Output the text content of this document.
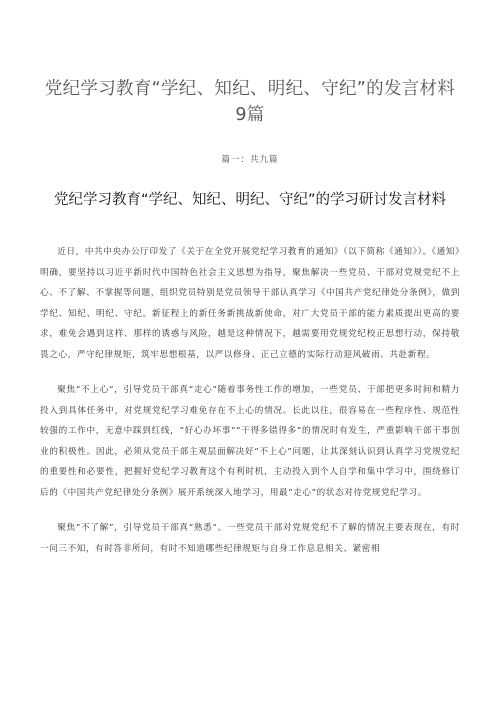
党纪学习教育“学纪、知纪、明纪、守纪”的发言材料9篇
篇一：共九篇
党纪学习教育“学纪、知纪、明纪、守纪”的学习研讨发言材料

近日，中共中央办公厅印发了《关于在全党开展党纪学习教育的通知》（以下简称《通知》）。《通知》明确，要坚持以习近平新时代中国特色社会主义思想为指导，聚焦解决一些党员、干部对党规党纪不上心、不了解、不掌握等问题，组织党员特别是党员领导干部认真学习《中国共产党纪律处分条例》，做到学纪、知纪、明纪、守纪。新征程上的新任务新挑战新使命，对广大党员干部的能力素质提出更高的要求，难免会遇到这样、那样的诱惑与风险，越是这种情况下，越需要用党规党纪校正思想行动，保持敬畏之心，严守纪律规矩，筑牢思想根基，以严以修身、正己立德的实际行动迎风破雨、共赴新程。

聚焦“不上心”，引导党员干部真“走心”随着事务性工作的增加，一些党员、干部把更多时间和精力投入到具体任务中，对党规党纪学习难免存在不上心的情况。长此以往，很容易在一些程序性、规范性较强的工作中，无意中踩到红线，“好心办坏事”“干得多错得多”的情况时有发生，严重影响干部干事创业的积极性。因此，必须从党员干部主观层面解决好“不上心”问题，让其深刻认识到认真学习党规党纪的重要性和必要性，把握好党纪学习教育这个有利时机，主动投入到个人自学和集中学习中，围绕修订后的《中国共产党纪律处分条例》展开系统深入地学习，用最“走心”的状态对待党规党纪学习。

聚焦“不了解”，引导党员干部真“熟悉”。一些党员干部对党规党纪不了解的情况主要表现在，有时一问三不知，有时答非所问，有时不知道哪些纪律规矩与自身工作息息相关、紧密相
